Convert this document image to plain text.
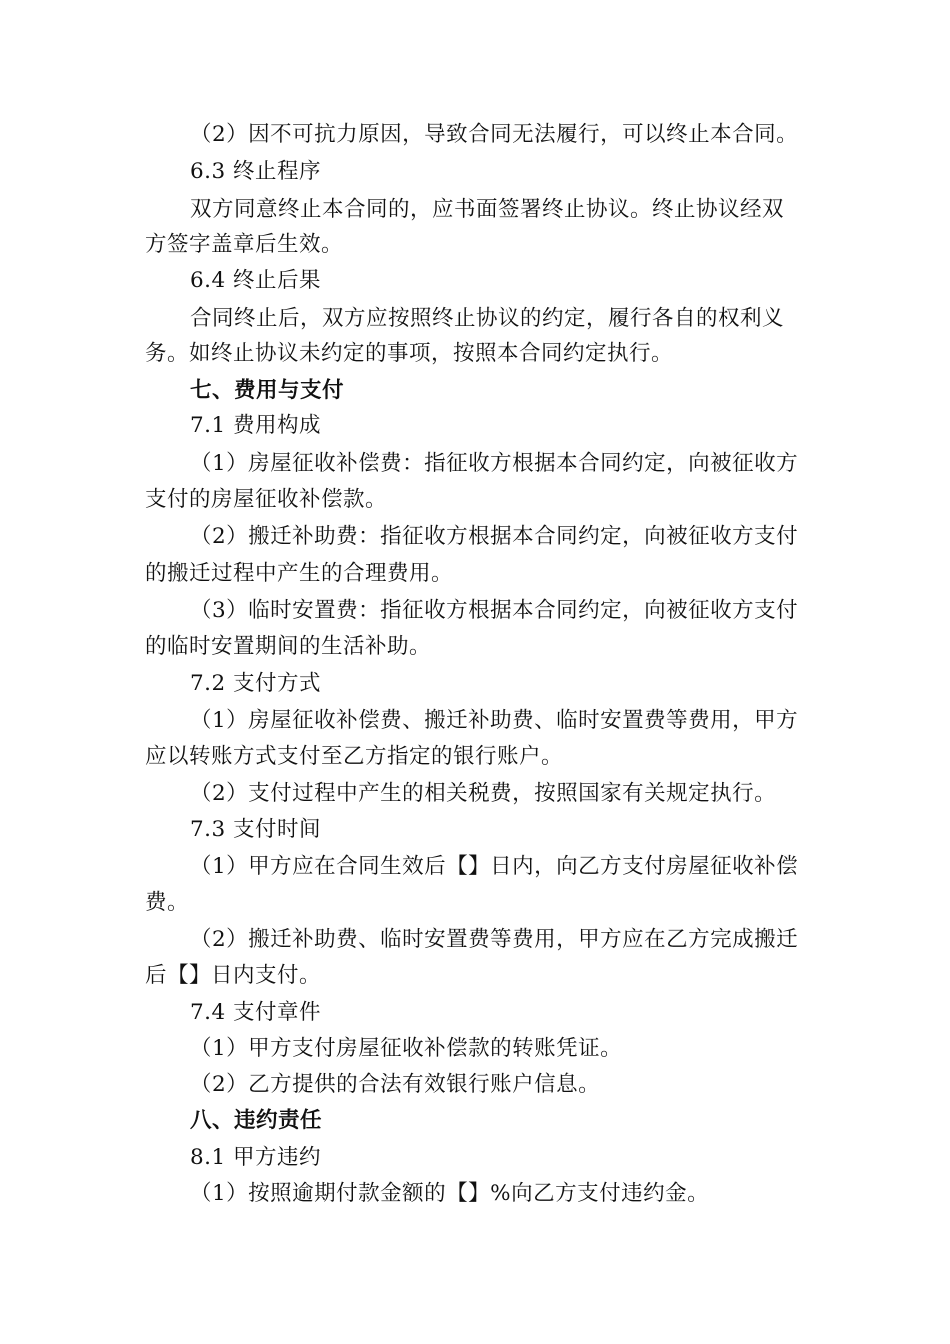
（2）因不可抗力原因，导致合同无法履行，可以终止本合同。
6.3 终止程序
双方同意终止本合同的，应书面签署终止协议。终止协议经双
方签字盖章后生效。
6.4 终止后果
合同终止后，双方应按照终止协议的约定，履行各自的权利义
务。如终止协议未约定的事项，按照本合同约定执行。
七、费用与支付
7.1 费用构成
（1）房屋征收补偿费：指征收方根据本合同约定，向被征收方
支付的房屋征收补偿款。
（2）搬迁补助费：指征收方根据本合同约定，向被征收方支付
的搬迁过程中产生的合理费用。
（3）临时安置费：指征收方根据本合同约定，向被征收方支付
的临时安置期间的生活补助。
7.2 支付方式
（1）房屋征收补偿费、搬迁补助费、临时安置费等费用，甲方
应以转账方式支付至乙方指定的银行账户。
（2）支付过程中产生的相关税费，按照国家有关规定执行。
7.3 支付时间
（1）甲方应在合同生效后【】日内，向乙方支付房屋征收补偿
费。
（2）搬迁补助费、临时安置费等费用，甲方应在乙方完成搬迁
后【】日内支付。
7.4 支付章件
（1）甲方支付房屋征收补偿款的转账凭证。
（2）乙方提供的合法有效银行账户信息。
八、违约责任
8.1 甲方违约
（1）按照逾期付款金额的【】%向乙方支付违约金。
